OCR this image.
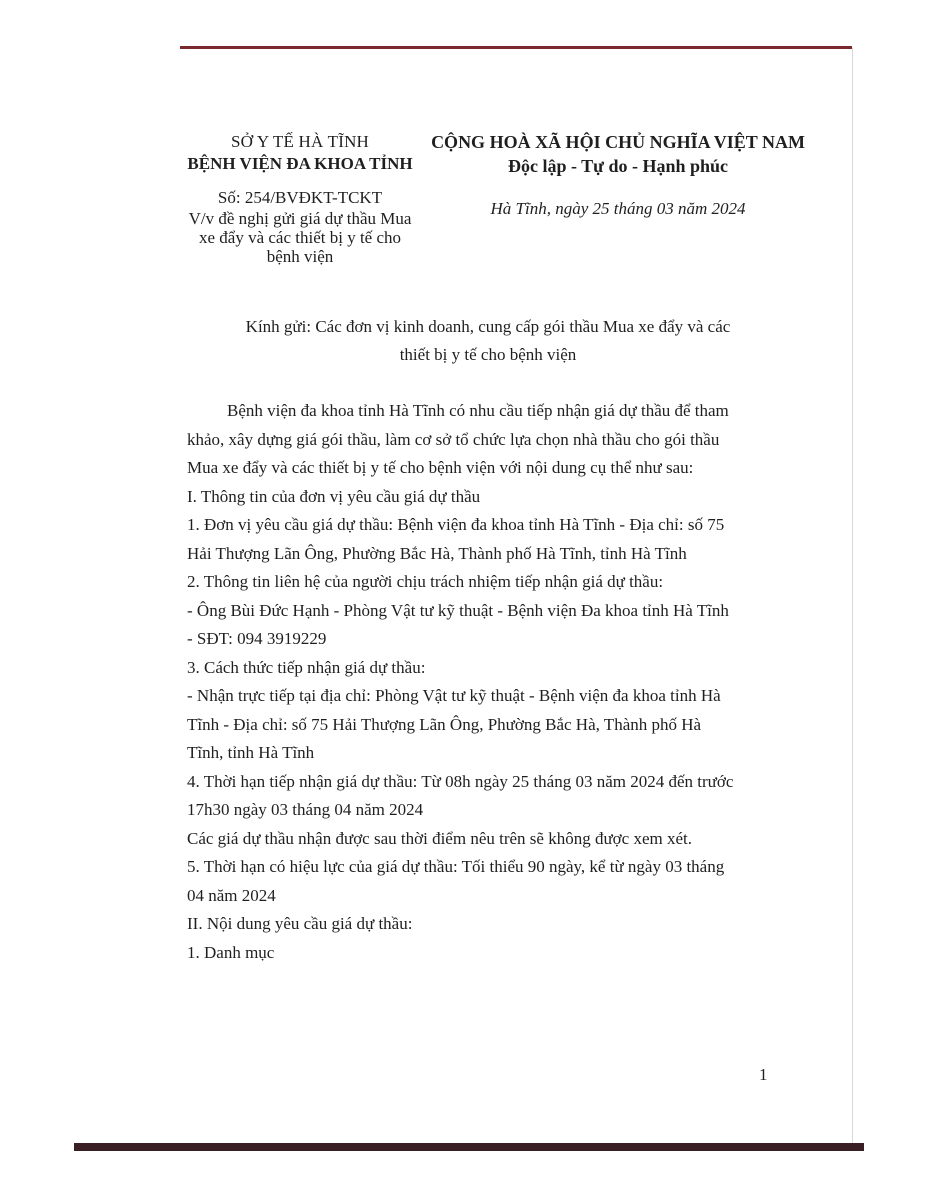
SỞ Y TẾ HÀ TĨNH
BỆNH VIỆN ĐA KHOA TỈNH
Số: 254/BVĐKT-TCKT
V/v đề nghị gửi giá dự thầu Mua
xe đẩy và các thiết bị y tế cho
bệnh viện
CỘNG HOÀ XÃ HỘI CHỦ NGHĨA VIỆT NAM
Độc lập - Tự do - Hạnh phúc
Hà Tĩnh, ngày 25 tháng 03 năm 2024
Kính gửi: Các đơn vị kinh doanh, cung cấp gói thầu Mua xe đẩy và các
thiết bị y tế cho bệnh viện

Bệnh viện đa khoa tỉnh Hà Tĩnh có nhu cầu tiếp nhận giá dự thầu để tham

khảo, xây dựng giá gói thầu, làm cơ sở tổ chức lựa chọn nhà thầu cho gói thầu

Mua xe đẩy và các thiết bị y tế cho bệnh viện với nội dung cụ thể như sau:

I. Thông tin của đơn vị yêu cầu giá dự thầu

1. Đơn vị yêu cầu giá dự thầu: Bệnh viện đa khoa tỉnh Hà Tĩnh - Địa chỉ: số 75

Hải Thượng Lãn Ông, Phường Bắc Hà, Thành phố Hà Tĩnh, tỉnh Hà Tĩnh

2. Thông tin liên hệ của người chịu trách nhiệm tiếp nhận giá dự thầu:

- Ông Bùi Đức Hạnh - Phòng Vật tư kỹ thuật - Bệnh viện Đa khoa tỉnh Hà Tĩnh

- SĐT: 094 3919229

3. Cách thức tiếp nhận giá dự thầu:

- Nhận trực tiếp tại địa chỉ: Phòng Vật tư kỹ thuật - Bệnh viện đa khoa tỉnh Hà

Tĩnh - Địa chỉ: số 75 Hải Thượng Lãn Ông, Phường Bắc Hà, Thành phố Hà

Tĩnh, tỉnh Hà Tĩnh

4. Thời hạn tiếp nhận giá dự thầu: Từ 08h ngày 25 tháng 03 năm 2024 đến trước

17h30 ngày 03 tháng 04 năm 2024

Các giá dự thầu nhận được sau thời điểm nêu trên sẽ không được xem xét.

5. Thời hạn có hiệu lực của giá dự thầu: Tối thiểu 90 ngày, kể từ ngày 03 tháng

04 năm 2024

II. Nội dung yêu cầu giá dự thầu:

1. Danh mục

1
